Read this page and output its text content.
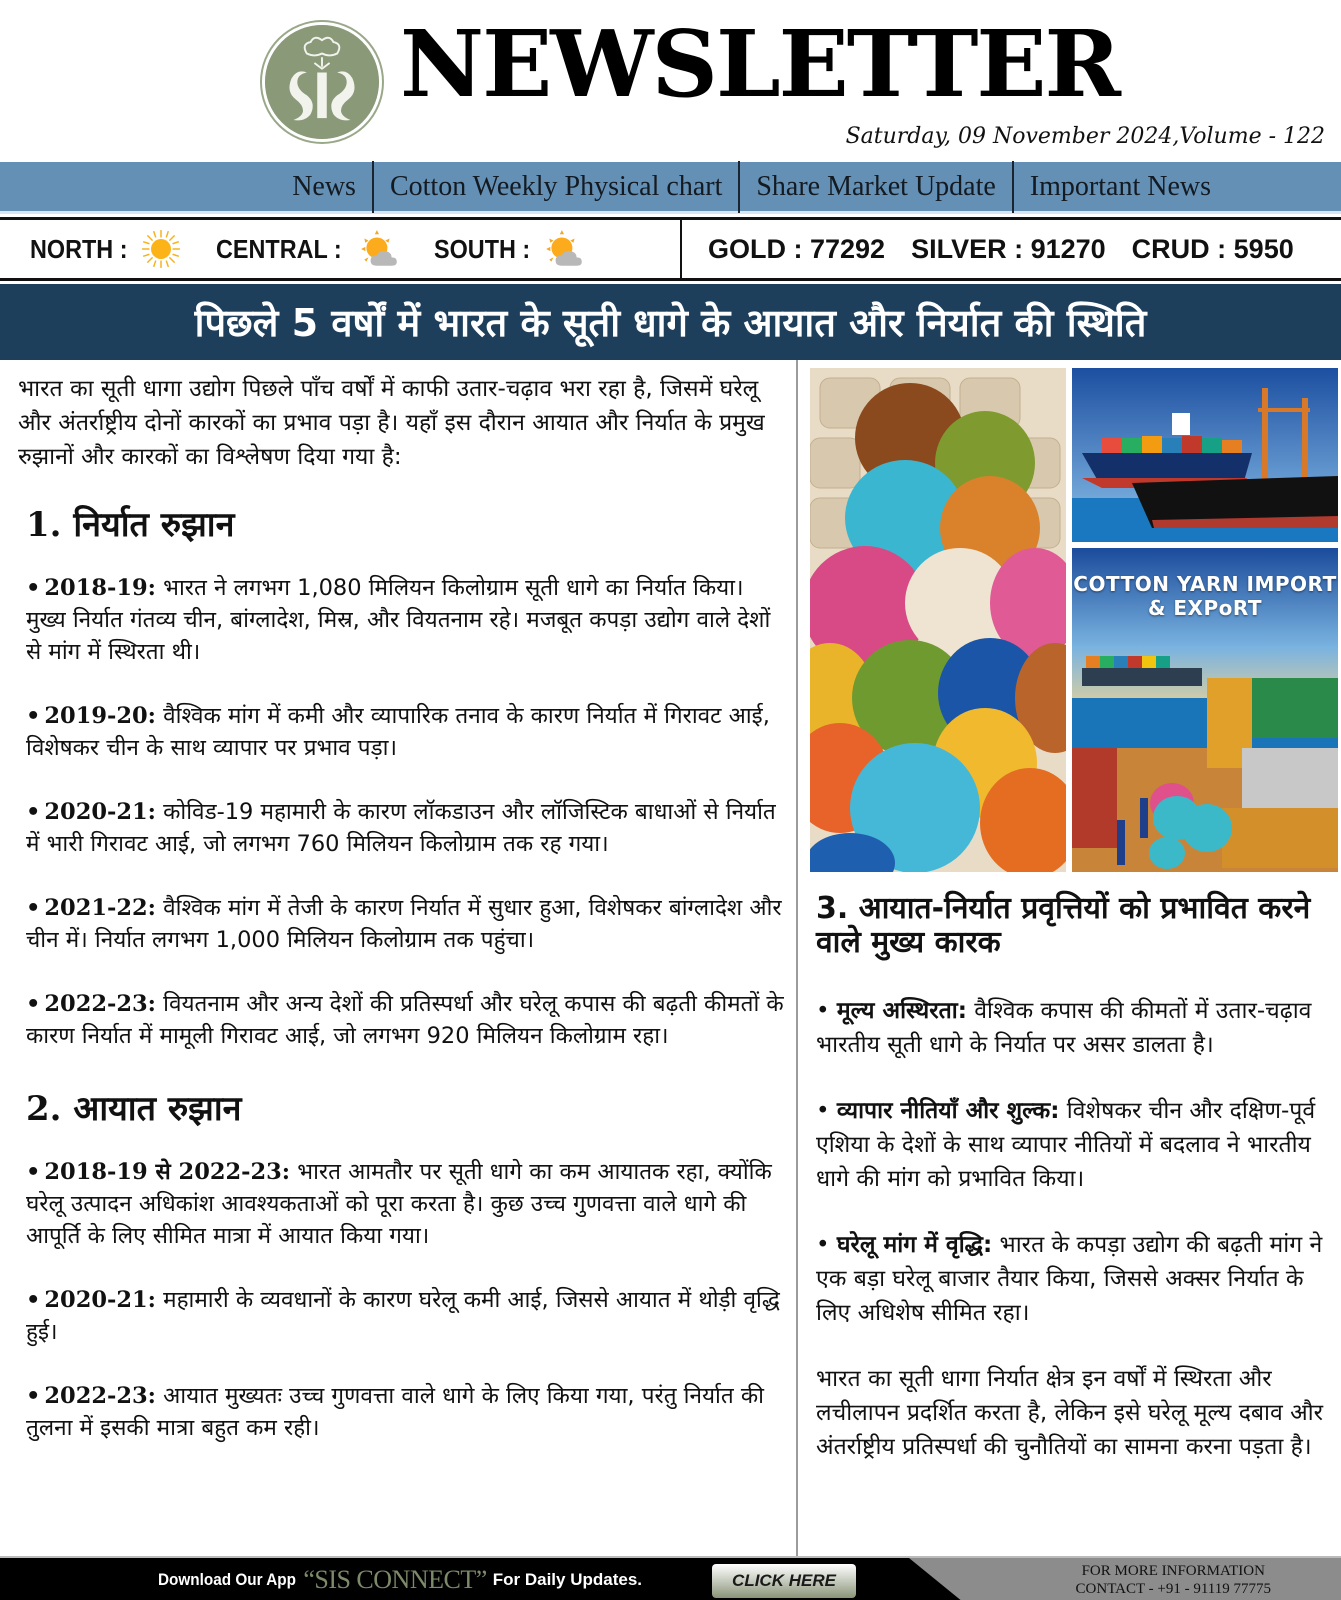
NEWSLETTER
Saturday, 09 November 2024,Volume - 122
News	Cotton Weekly Physical chart	Share Market Update	Important News
NORTH :	CENTRAL :	SOUTH :	GOLD : 77292 SILVER : 91270 CRUD : 5950
पिछले 5 वर्षों में भारत के सूती धागे के आयात और निर्यात की स्थिति

भारत का सूती धागा उद्योग पिछले पाँच वर्षों में काफी उतार-चढ़ाव भरा रहा है, जिसमें घरेलू और अंतर्राष्ट्रीय दोनों कारकों का प्रभाव पड़ा है। यहाँ इस दौरान आयात और निर्यात के प्रमुख रुझानों और कारकों का विश्लेषण दिया गया है:

1. निर्यात रुझान

• 2018-19: भारत ने लगभग 1,080 मिलियन किलोग्राम सूती धागे का निर्यात किया। मुख्य निर्यात गंतव्य चीन, बांग्लादेश, मिस्र, और वियतनाम रहे। मजबूत कपड़ा उद्योग वाले देशों से मांग में स्थिरता थी।

• 2019-20: वैश्विक मांग में कमी और व्यापारिक तनाव के कारण निर्यात में गिरावट आई, विशेषकर चीन के साथ व्यापार पर प्रभाव पड़ा।

• 2020-21: कोविड-19 महामारी के कारण लॉकडाउन और लॉजिस्टिक बाधाओं से निर्यात में भारी गिरावट आई, जो लगभग 760 मिलियन किलोग्राम तक रह गया।

• 2021-22: वैश्विक मांग में तेजी के कारण निर्यात में सुधार हुआ, विशेषकर बांग्लादेश और चीन में। निर्यात लगभग 1,000 मिलियन किलोग्राम तक पहुंचा।

• 2022-23: वियतनाम और अन्य देशों की प्रतिस्पर्धा और घरेलू कपास की बढ़ती कीमतों के कारण निर्यात में मामूली गिरावट आई, जो लगभग 920 मिलियन किलोग्राम रहा।

2. आयात रुझान

• 2018-19 से 2022-23: भारत आमतौर पर सूती धागे का कम आयातक रहा, क्योंकि घरेलू उत्पादन अधिकांश आवश्यकताओं को पूरा करता है। कुछ उच्च गुणवत्ता वाले धागे की आपूर्ति के लिए सीमित मात्रा में आयात किया गया।

• 2020-21: महामारी के व्यवधानों के कारण घरेलू कमी आई, जिससे आयात में थोड़ी वृद्धि हुई।

• 2022-23: आयात मुख्यतः उच्च गुणवत्ता वाले धागे के लिए किया गया, परंतु निर्यात की तुलना में इसकी मात्रा बहुत कम रही।

COTTON YARN IMPORT & EXPoRT
3. आयात-निर्यात प्रवृत्तियों को प्रभावित करने वाले मुख्य कारक

• मूल्य अस्थिरता: वैश्विक कपास की कीमतों में उतार-चढ़ाव भारतीय सूती धागे के निर्यात पर असर डालता है।

• व्यापार नीतियाँ और शुल्क: विशेषकर चीन और दक्षिण-पूर्व एशिया के देशों के साथ व्यापार नीतियों में बदलाव ने भारतीय धागे की मांग को प्रभावित किया।

• घरेलू मांग में वृद्धि: भारत के कपड़ा उद्योग की बढ़ती मांग ने एक बड़ा घरेलू बाजार तैयार किया, जिससे अक्सर निर्यात के लिए अधिशेष सीमित रहा।

भारत का सूती धागा निर्यात क्षेत्र इन वर्षों में स्थिरता और लचीलापन प्रदर्शित करता है, लेकिन इसे घरेलू मूल्य दबाव और अंतर्राष्ट्रीय प्रतिस्पर्धा की चुनौतियों का सामना करना पड़ता है।

Download Our App “SIS CONNECT” For Daily Updates.	CLICK HERE	FOR MORE INFORMATION
CONTACT - +91 - 91119 77775
